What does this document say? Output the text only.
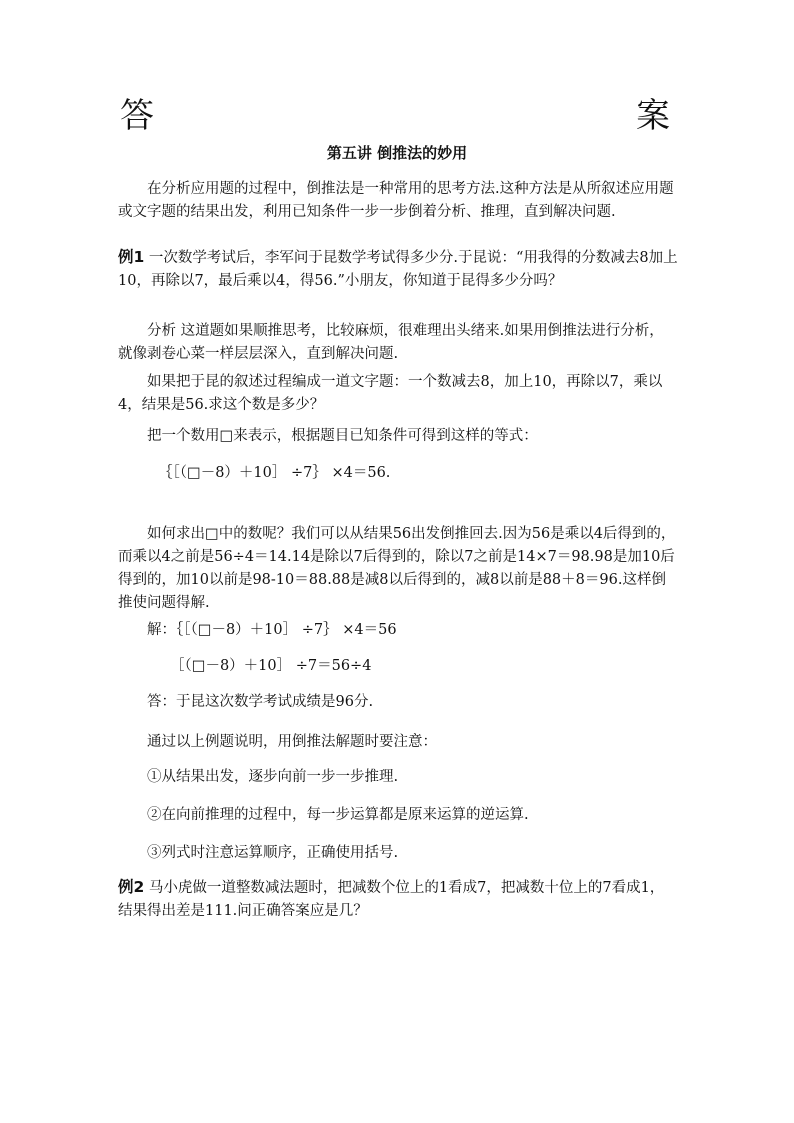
答	案
第五讲 倒推法的妙用

在分析应用题的过程中，倒推法是一种常用的思考方法.这种方法是从所叙述应用题或文字题的结果出发，利用已知条件一步一步倒着分析、推理，直到解决问题.

例1 一次数学考试后，李军问于昆数学考试得多少分.于昆说：“用我得的分数减去8加上10，再除以7，最后乘以4，得56.”小朋友，你知道于昆得多少分吗？

分析 这道题如果顺推思考，比较麻烦，很难理出头绪来.如果用倒推法进行分析，就像剥卷心菜一样层层深入，直到解决问题.

如果把于昆的叙述过程编成一道文字题：一个数减去8，加上10，再除以7，乘以4，结果是56.求这个数是多少？

把一个数用□来表示，根据题目已知条件可得到这样的等式：

｛［（□－8）＋10］ ÷7｝ ×4＝56.

如何求出□中的数呢？我们可以从结果56出发倒推回去.因为56是乘以4后得到的，而乘以4之前是56÷4＝14.14是除以7后得到的，除以7之前是14×7＝98.98是加10后得到的，加10以前是98-10＝88.88是减8以后得到的，减8以前是88＋8＝96.这样倒推使问题得解.

解：｛［（□－8）＋10］ ÷7｝ ×4＝56

［（□－8）＋10］ ÷7＝56÷4

答：于昆这次数学考试成绩是96分.

通过以上例题说明，用倒推法解题时要注意：

①从结果出发，逐步向前一步一步推理.

②在向前推理的过程中，每一步运算都是原来运算的逆运算.

③列式时注意运算顺序，正确使用括号.

例2 马小虎做一道整数减法题时，把减数个位上的1看成7，把减数十位上的7看成1，结果得出差是111.问正确答案应是几？
